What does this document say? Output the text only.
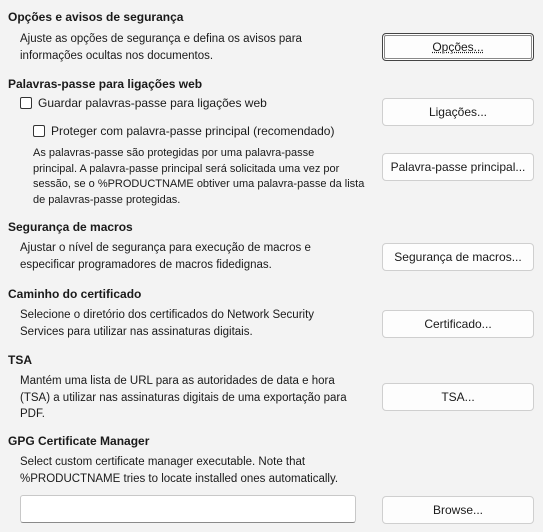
Opções e avisos de segurança
Ajuste as opções de segurança e defina os avisos para
informações ocultas nos documentos.
Opções...
Palavras-passe para ligações web
Guardar palavras-passe para ligações web
Proteger com palavra-passe principal (recomendado)
As palavras-passe são protegidas por uma palavra-passe
principal. A palavra-passe principal será solicitada uma vez por
sessão, se o %PRODUCTNAME obtiver uma palavra-passe da lista
de palavras-passe protegidas.
Ligações...
Palavra-passe principal...
Segurança de macros
Ajustar o nível de segurança para execução de macros e
especificar programadores de macros fidedignas.
Segurança de macros...
Caminho do certificado
Selecione o diretório dos certificados do Network Security
Services para utilizar nas assinaturas digitais.
Certificado...
TSA
Mantém uma lista de URL para as autoridades de data e hora
(TSA) a utilizar nas assinaturas digitais de uma exportação para
PDF.
TSA...
GPG Certificate Manager
Select custom certificate manager executable. Note that
%PRODUCTNAME tries to locate installed ones automatically.
Browse...
